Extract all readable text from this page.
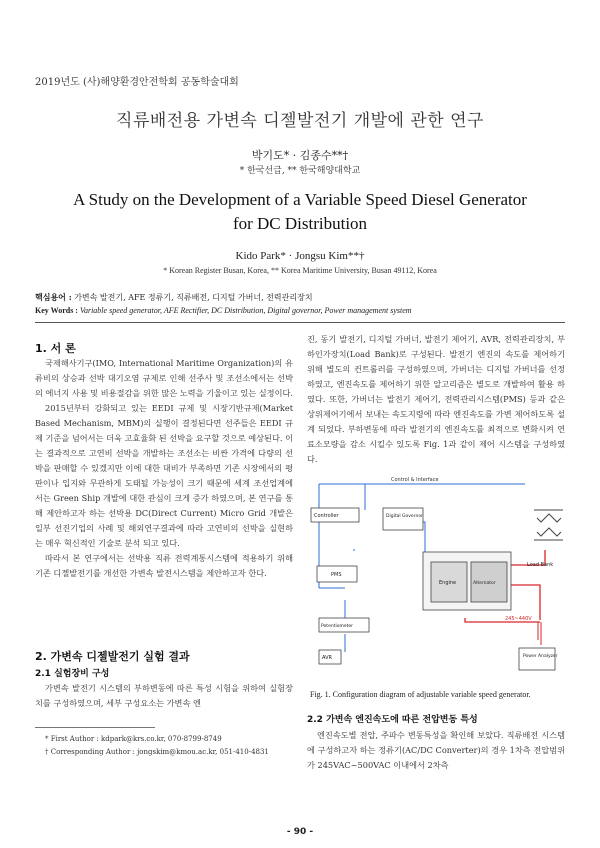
2019년도 (사)해양환경안전학회 공동학술대회
직류배전용 가변속 디젤발전기 개발에 관한 연구
박기도* · 김종수**†
* 한국선급, ** 한국해양대학교
A Study on the Development of a Variable Speed Diesel Generator
for DC Distribution
Kido Park* · Jongsu Kim**†
* Korean Register Busan, Korea, ** Korea Maritime University, Busan 49112, Korea
핵심용어 : 가변속 발전기, AFE 정류기, 직류배전, 디지털 가버너, 전력관리장치
Key Words : Variable speed generator, AFE Rectifier, DC Distribution, Digital governor, Power management system
1. 서 론

국제해사기구(IMO, International Maritime Organization)의 유류비의 상승과 선박 대기오염 규제로 인해 선주사 및 조선소에서는 선박의 에너지 사용 및 비용절감을 위한 많은 노력을 기울이고 있는 실정이다.

2015년부터 강화되고 있는 EEDI 규제 및 시장기반규제(Market Based Mechanism, MBM)의 실행이 결정된다면 선주들은 EEDI 규제 기준을 넘어서는 더욱 고효율화 된 선박을 요구할 것으로 예상된다. 이는 결과적으로 고연비 선박을 개발하는 조선소는 비싼 가격에 다량의 선박을 판매할 수 있겠지만 이에 대한 대비가 부족하면 기존 시장에서의 평판이나 입지와 무관하게 도태될 가능성이 크기 때문에 세계 조선업계에서는 Green Ship 개발에 대한 관심이 크게 증가 하였으며, 본 연구를 통해 제안하고자 하는 선박용 DC(Direct Current) Micro Grid 개발은 일부 선진기업의 사례 및 해외연구결과에 따라 고연비의 선박을 실현하는 매우 혁신적인 기술로 분석 되고 있다.

따라서 본 연구에서는 선박용 직류 전력계통시스템에 적용하기 위해 기존 디젤발전기를 개선한 가변속 발전시스템을 제안하고자 한다.

2. 가변속 디젤발전기 실험 결과
2.1 실험장비 구성

가변속 발전기 시스템의 부하변동에 따른 특성 시험을 위하여 실험장치를 구성하였으며, 세부 구성요소는 가변속 엔

* First Author : kdpark@krs.co.kr, 070-8799-8749
† Corresponding Author : jongskim@kmou.ac.kr, 051-410-4831

진, 동기 발전기, 디지털 가버너, 발전기 제어기, AVR, 전력관리장치, 부하인가장치(Load Bank)로 구성된다. 발전기 엔진의 속도를 제어하기 위해 별도의 컨트롤러를 구성하였으며, 가버너는 디지털 가버너를 선정하였고, 엔진속도를 제어하기 위한 알고리즘은 별도로 개발하여 활용 하였다. 또한, 가버너는 발전기 제어기, 전력관리시스템(PMS) 등과 같은 상위제어기에서 보내는 속도지령에 따라 엔진속도를 가변 제어하도록 설계 되었다. 부하변동에 따라 발전기의 엔진속도를 최적으로 변화시켜 연료소모량을 감소 시킬수 있도록 Fig. 1과 같이 제어 시스템을 구성하였다.

Control & Interface
Controller	Digital Governor
PMS
Potentiometer
AVR
Engine	Alternator
Load Bank
245~440V
Power Analyzer
Fig. 1. Configuration diagram of adjustable variable speed generator.
2.2 가변속 엔진속도에 따른 전압변동 특성

엔진속도별 전압, 주파수 변동특성을 확인해 보았다. 직류배전 시스템에 구성하고자 하는 정류기(AC/DC Converter)의 경우 1차측 전압범위가 245VAC~500VAC 이내에서 2차측

- 90 -
